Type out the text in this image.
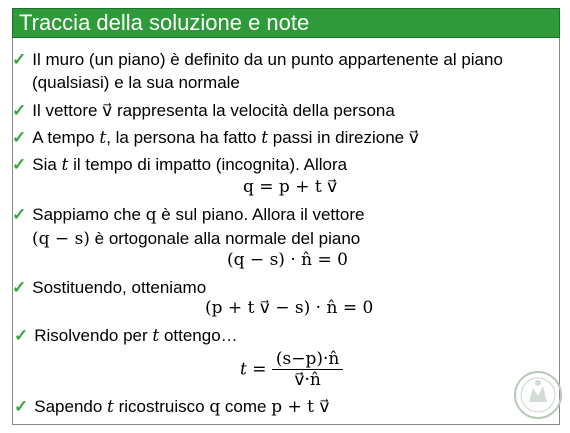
Traccia della soluzione e note
✓ Il muro (un piano) è definito da un punto appartenente al piano
(qualsiasi) e la sua normale
✓ Il vettore v⃗ rappresenta la velocità della persona
✓ A tempo t, la persona ha fatto t passi in direzione v⃗
✓ Sia t il tempo di impatto (incognita). Allora
q = p + t v⃗
✓ Sappiamo che q è sul piano. Allora il vettore
(q − s) è ortogonale alla normale del piano
(q − s) · n̂ = 0
✓ Sostituendo, otteniamo
(p + t v⃗ − s) · n̂ = 0
✓ Risolvendo per t ottengo…
$t = \frac{(s-p)\cdot n̂}{v⃗\cdot n̂}$
✓ Sapendo t ricostruisco q come p + t v⃗
